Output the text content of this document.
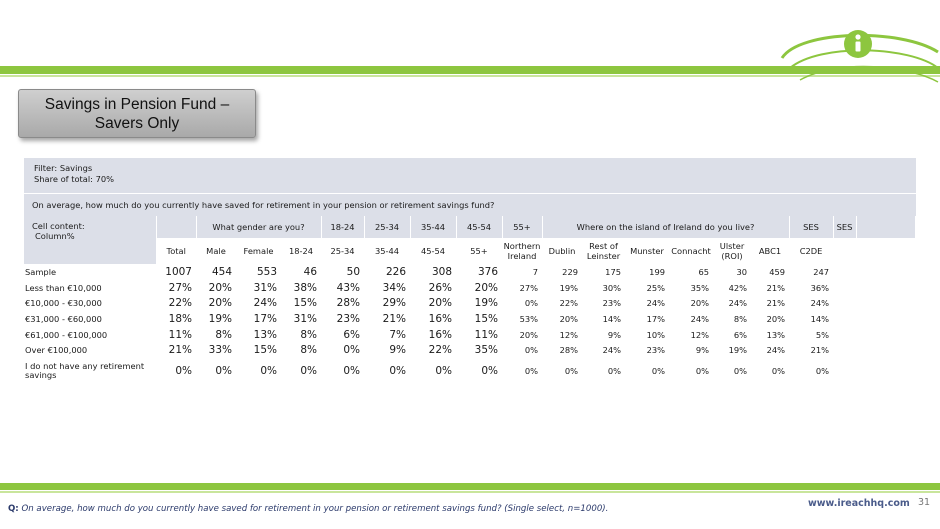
Savings in Pension Fund –
Savers Only
Filter: Savings
Share of total: 70%
On average, how much do you currently have saved for retirement in your pension or retirement savings fund?
Cell content:
Column%		What gender are you?			18-24	25-34	35-44	45-54	55+	Where on the island of Ireland do you live?						SES	SES	
	Total	Male	Female	18-24	25-34	35-44	45-54	55+	Northern Ireland	Dublin	Rest of Leinster	Munster	Connacht	Ulster (ROI)	ABC1	C2DE		
Sample	1007	454	553	46	50	226	308	376	7	229	175	199	65	30	459	247		
Less than €10,000	27%	20%	31%	38%	43%	34%	26%	20%	27%	19%	30%	25%	35%	42%	21%	36%		
€10,000 - €30,000	22%	20%	24%	15%	28%	29%	20%	19%	0%	22%	23%	24%	20%	24%	21%	24%		
€31,000 - €60,000	18%	19%	17%	31%	23%	21%	16%	15%	53%	20%	14%	17%	24%	8%	20%	14%		
€61,000 - €100,000	11%	8%	13%	8%	6%	7%	16%	11%	20%	12%	9%	10%	12%	6%	13%	5%		
Over €100,000	21%	33%	15%	8%	0%	9%	22%	35%	0%	28%	24%	23%	9%	19%	24%	21%		
I do not have any retirement savings	0%	0%	0%	0%	0%	0%	0%	0%	0%	0%	0%	0%	0%	0%	0%	0%		
Q: On average, how much do you currently have saved for retirement in your pension or retirement savings fund? (Single select, n=1000).	www.ireachhq.com 31
